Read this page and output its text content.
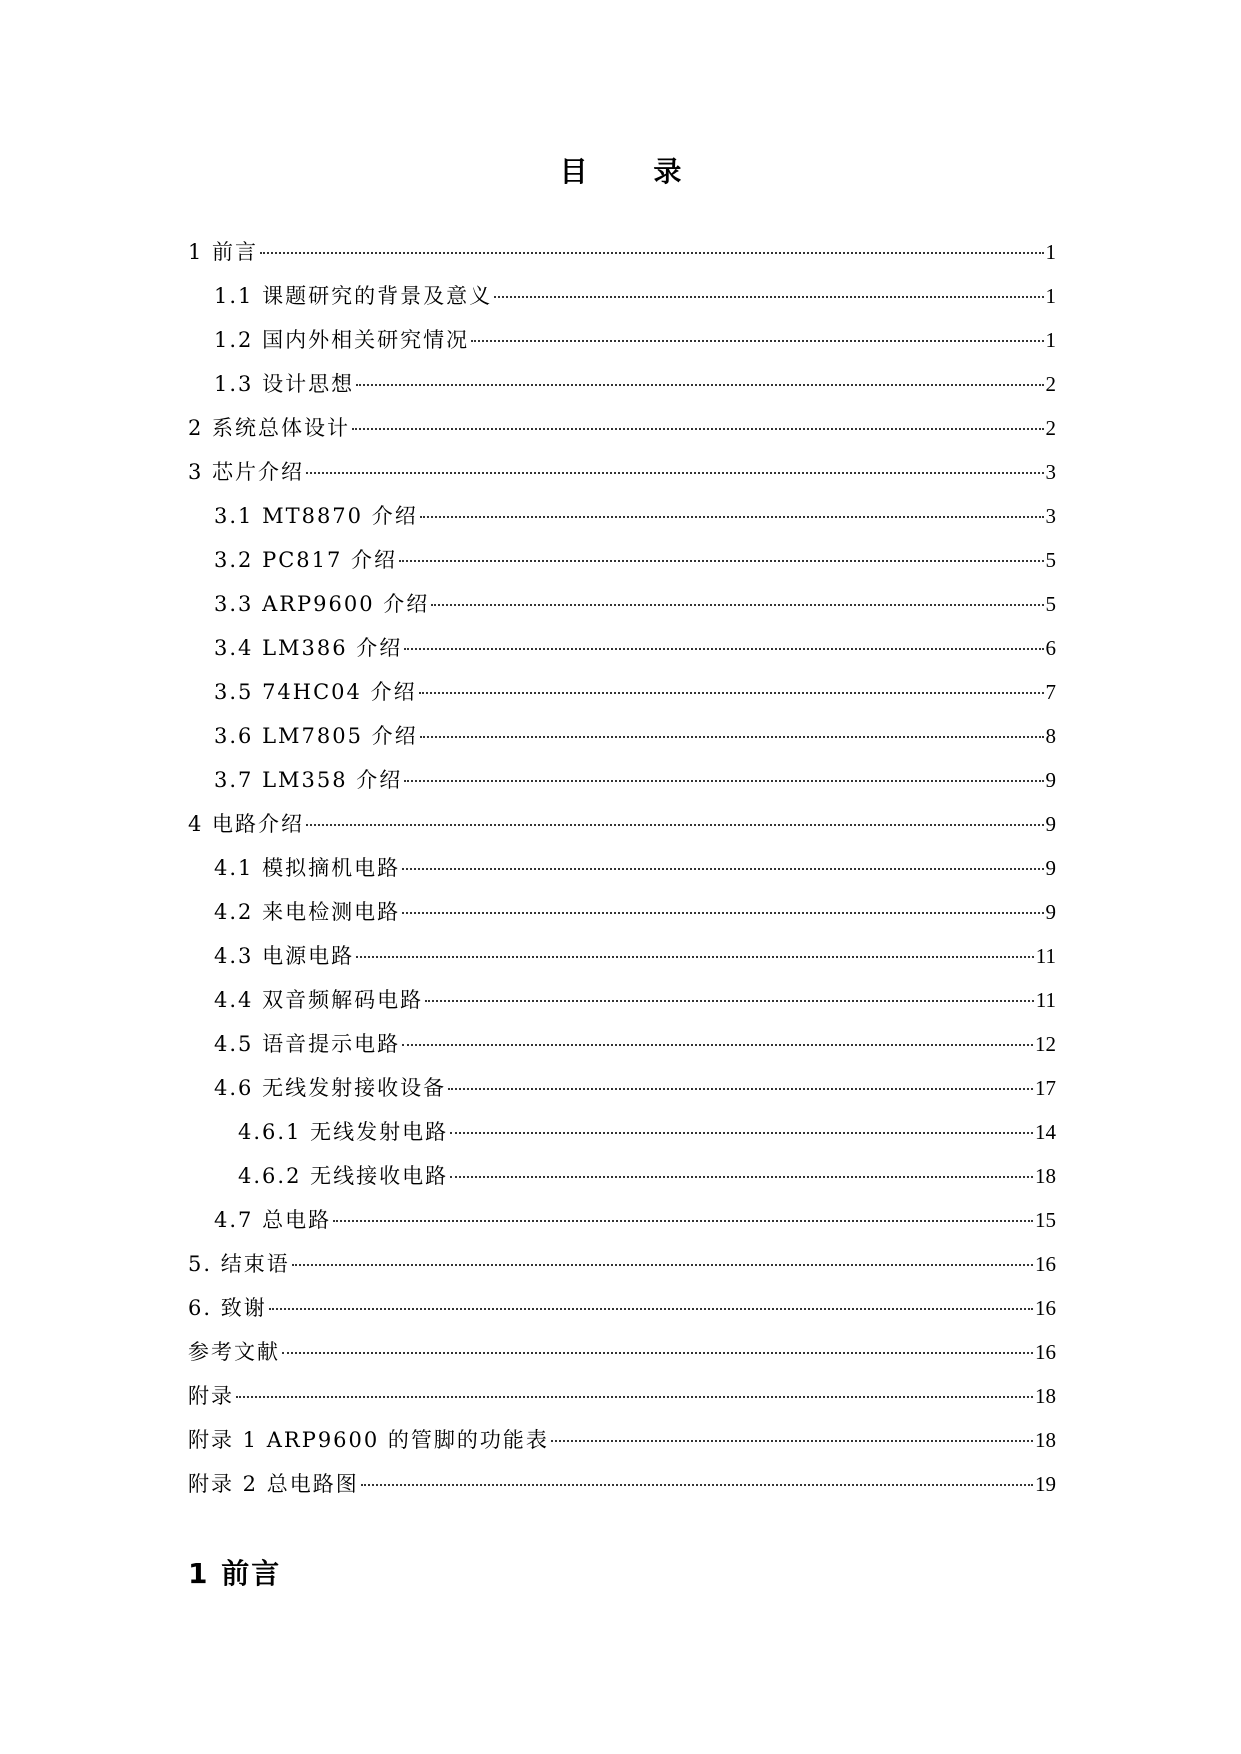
目 录
1 前言	1
1.1 课题研究的背景及意义	1
1.2 国内外相关研究情况	1
1.3 设计思想	2
2 系统总体设计	2
3 芯片介绍	3
3.1 MT8870 介绍	3
3.2 PC817 介绍	5
3.3 ARP9600 介绍	5
3.4 LM386 介绍	6
3.5 74HC04 介绍	7
3.6 LM7805 介绍	8
3.7 LM358 介绍	9
4 电路介绍	9
4.1 模拟摘机电路	9
4.2 来电检测电路	9
4.3 电源电路	11
4.4 双音频解码电路	11
4.5 语音提示电路	12
4.6 无线发射接收设备	17
4.6.1 无线发射电路	14
4.6.2 无线接收电路	18
4.7 总电路	15
5. 结束语	16
6. 致谢	16
参考文献	16
附录	18
附录 1 ARP9600 的管脚的功能表	18
附录 2 总电路图	19
1 前言
